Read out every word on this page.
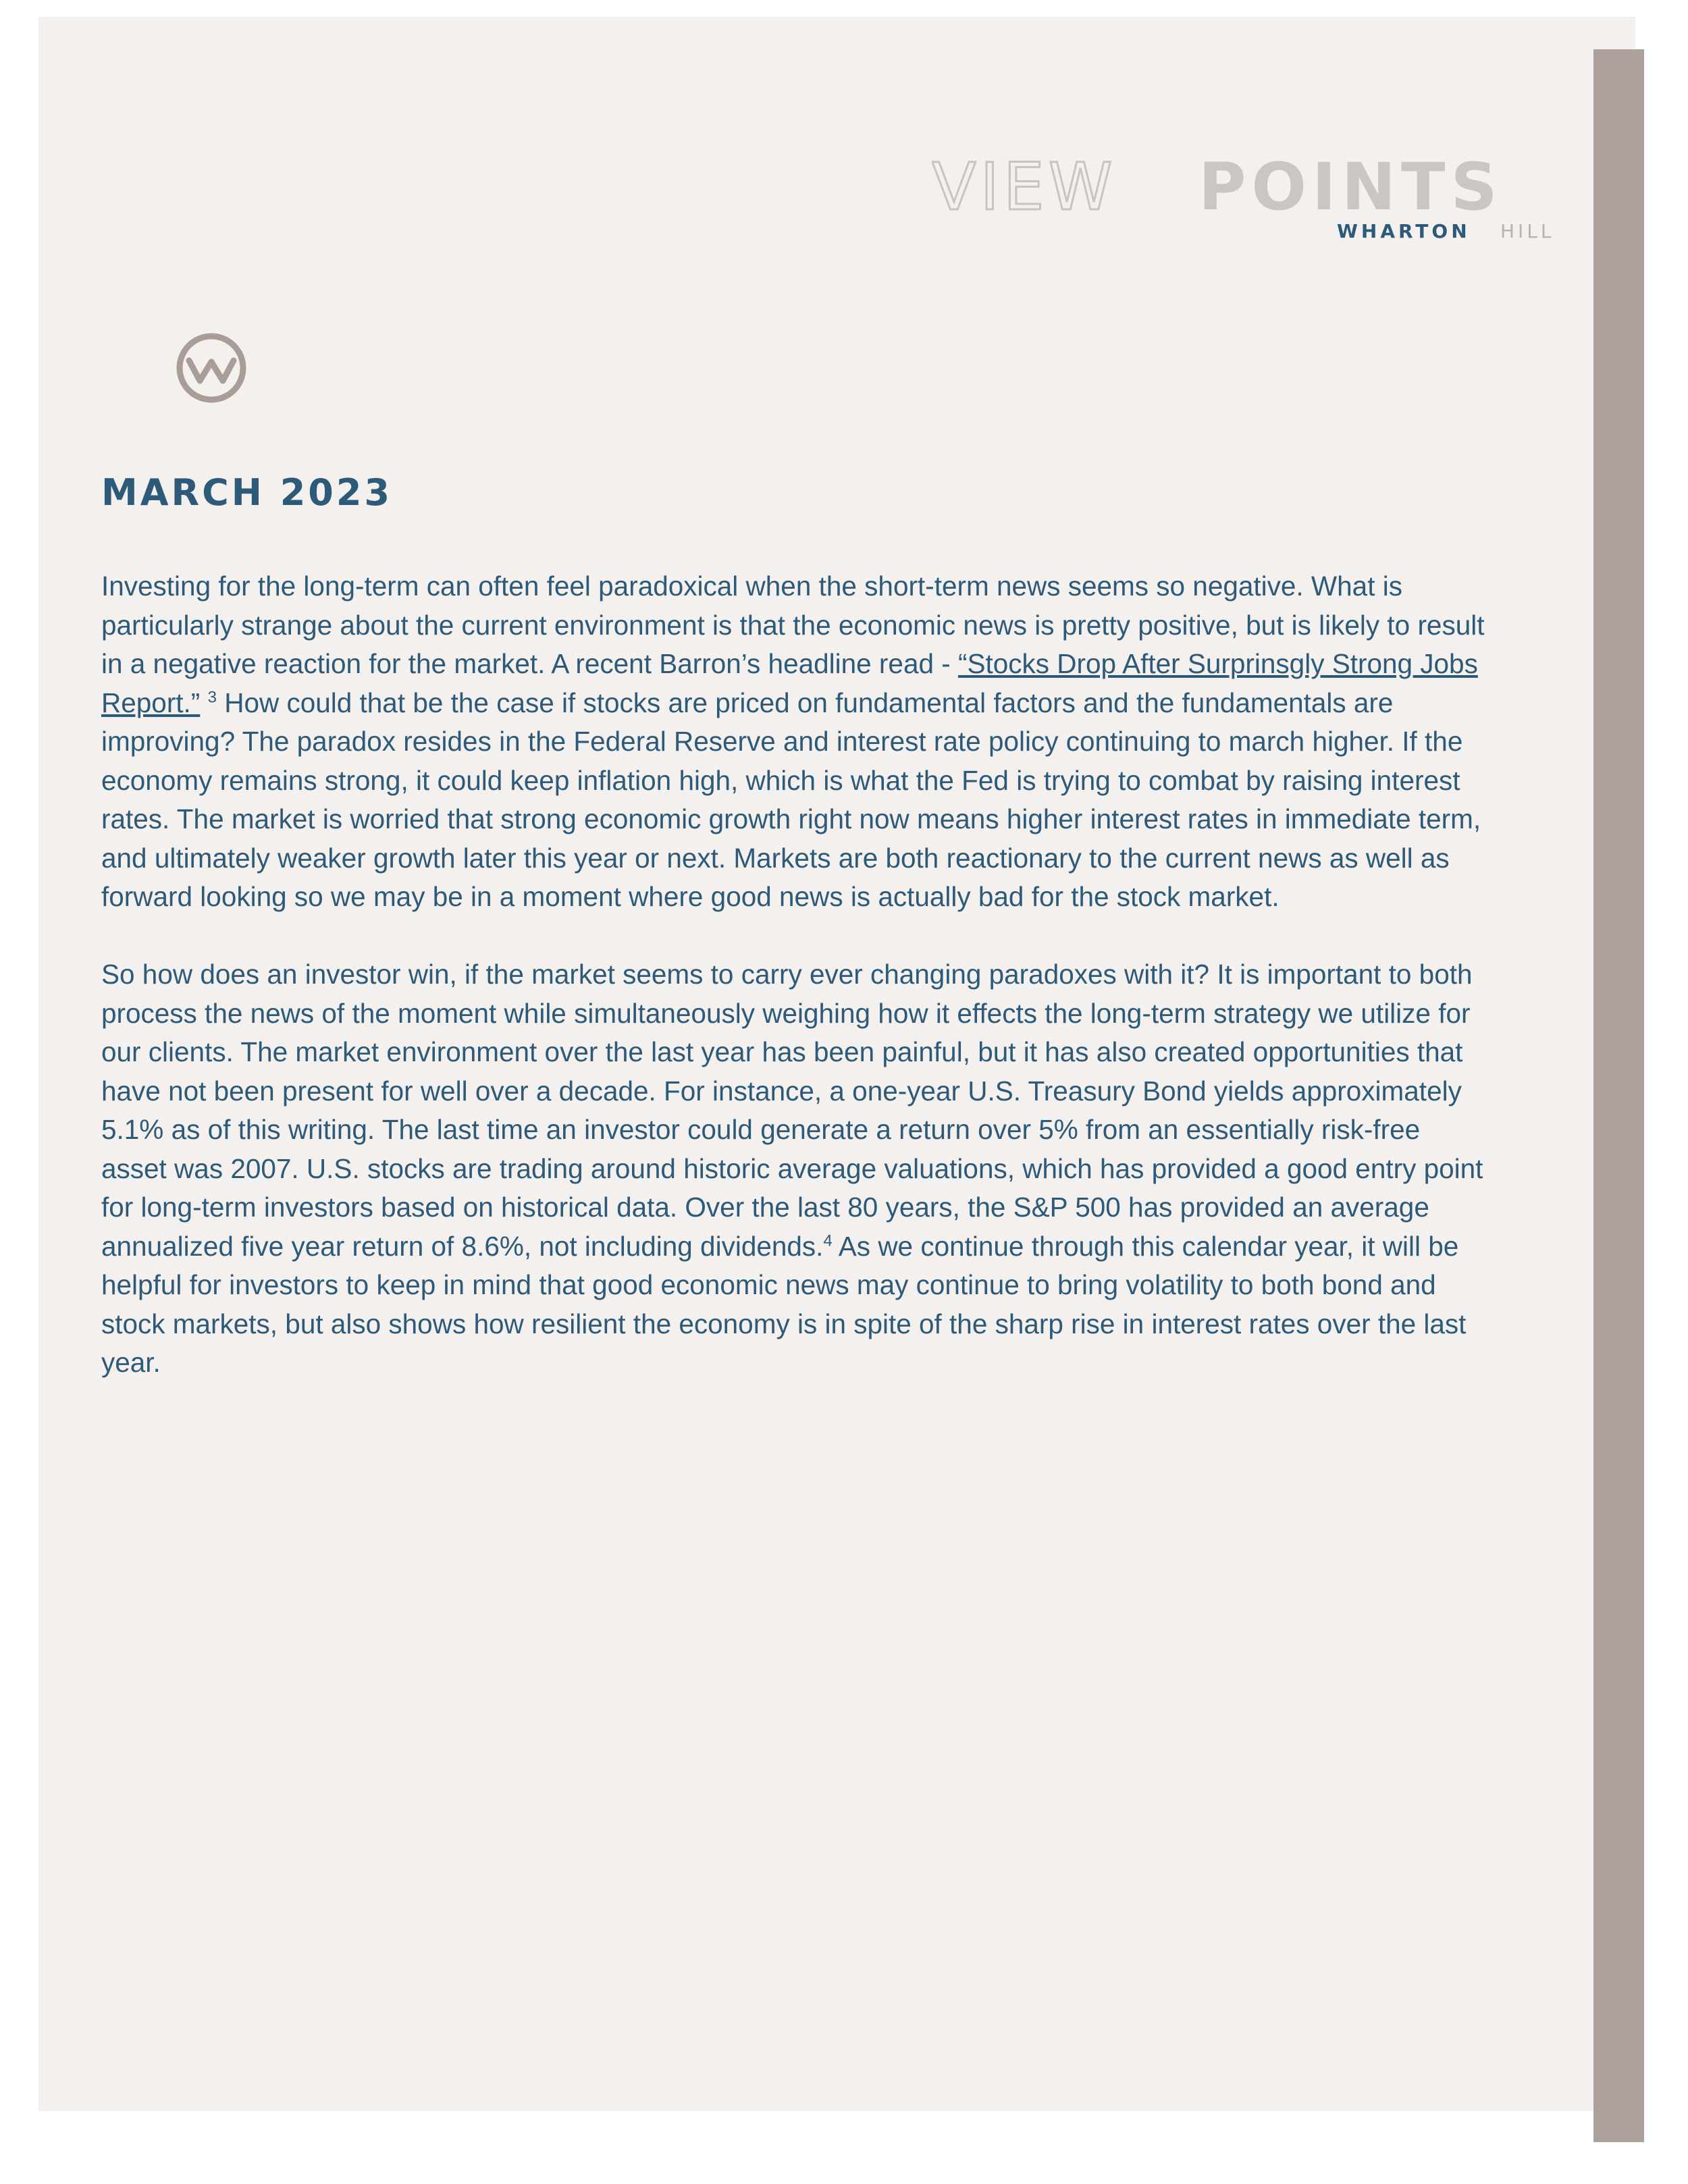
VIEW POINTS
WHARTON HILL
MARCH 2023

Investing for the long-term can often feel paradoxical when the short-term news seems so negative. What is particularly strange about the current environment is that the economic news is pretty positive, but is likely to result in a negative reaction for the market. A recent Barron’s headline read - “Stocks Drop After Surprinsgly Strong Jobs Report.” $^3$ How could that be the case if stocks are priced on fundamental factors and the fundamentals are improving? The paradox resides in the Federal Reserve and interest rate policy continuing to march higher. If the economy remains strong, it could keep inflation high, which is what the Fed is trying to combat by raising interest rates. The market is worried that strong economic growth right now means higher interest rates in immediate term, and ultimately weaker growth later this year or next. Markets are both reactionary to the current news as well as forward looking so we may be in a moment where good news is actually bad for the stock market.

So how does an investor win, if the market seems to carry ever changing paradoxes with it? It is important to both process the news of the moment while simultaneously weighing how it effects the long-term strategy we utilize for our clients. The market environment over the last year has been painful, but it has also created opportunities that have not been present for well over a decade. For instance, a one-year U.S. Treasury Bond yields approximately 5.1% as of this writing. The last time an investor could generate a return over 5% from an essentially risk-free asset was 2007. U.S. stocks are trading around historic average valuations, which has provided a good entry point for long-term investors based on historical data. Over the last 80 years, the S&P 500 has provided an average annualized five year return of 8.6%, not including dividends.$^4$ As we continue through this calendar year, it will be helpful for investors to keep in mind that good economic news may continue to bring volatility to both bond and stock markets, but also shows how resilient the economy is in spite of the sharp rise in interest rates over the last year.
